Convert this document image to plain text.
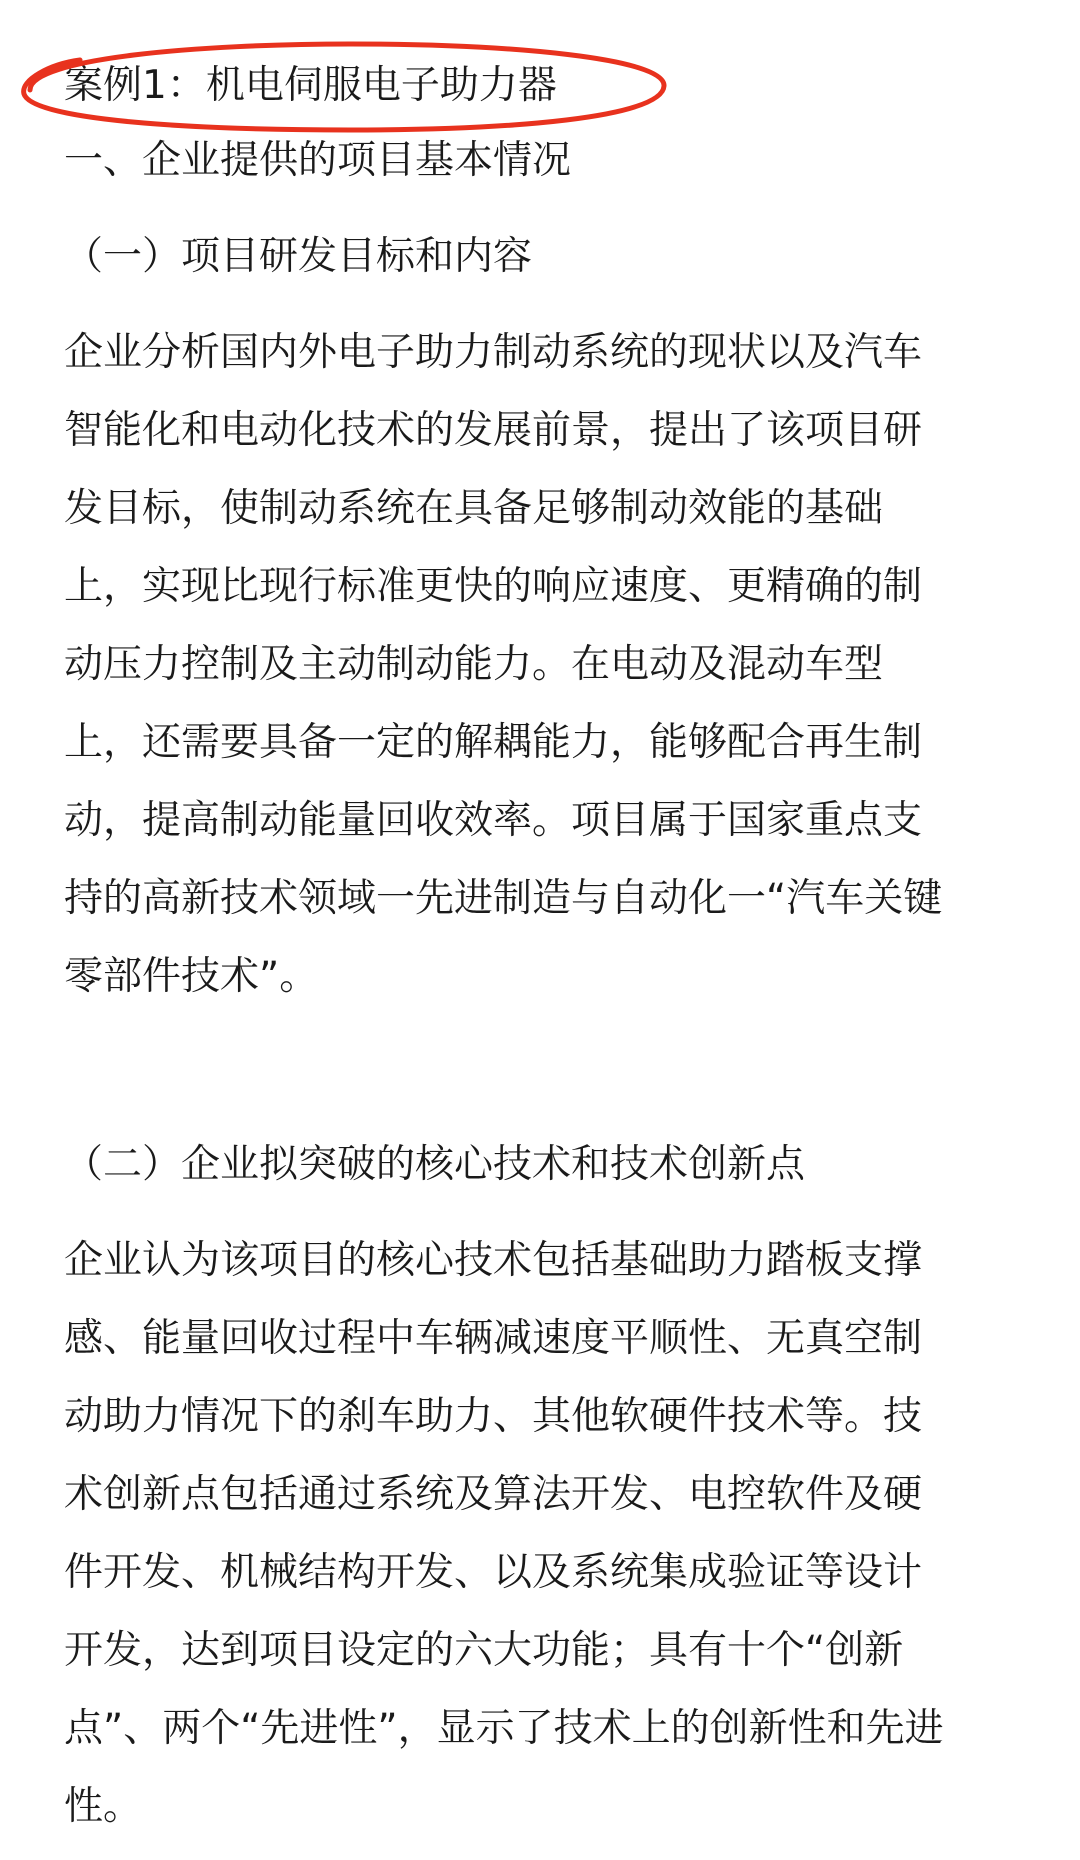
案例1：机电伺服电子助力器
一、企业提供的项目基本情况
（一）项目研发目标和内容
企业分析国内外电子助力制动系统的现状以及汽车
智能化和电动化技术的发展前景，提出了该项目研
发目标，使制动系统在具备足够制动效能的基础
上，实现比现行标准更快的响应速度、更精确的制
动压力控制及主动制动能力。在电动及混动车型
上，还需要具备一定的解耦能力，能够配合再生制
动，提高制动能量回收效率。项目属于国家重点支
持的高新技术领域一先进制造与自动化一“汽车关键
零部件技术”。
（二）企业拟突破的核心技术和技术创新点
企业认为该项目的核心技术包括基础助力踏板支撑
感、能量回收过程中车辆减速度平顺性、无真空制
动助力情况下的刹车助力、其他软硬件技术等。技
术创新点包括通过系统及算法开发、电控软件及硬
件开发、机械结构开发、以及系统集成验证等设计
开发，达到项目设定的六大功能；具有十个“创新
点”、两个“先进性”，显示了技术上的创新性和先进
性。
